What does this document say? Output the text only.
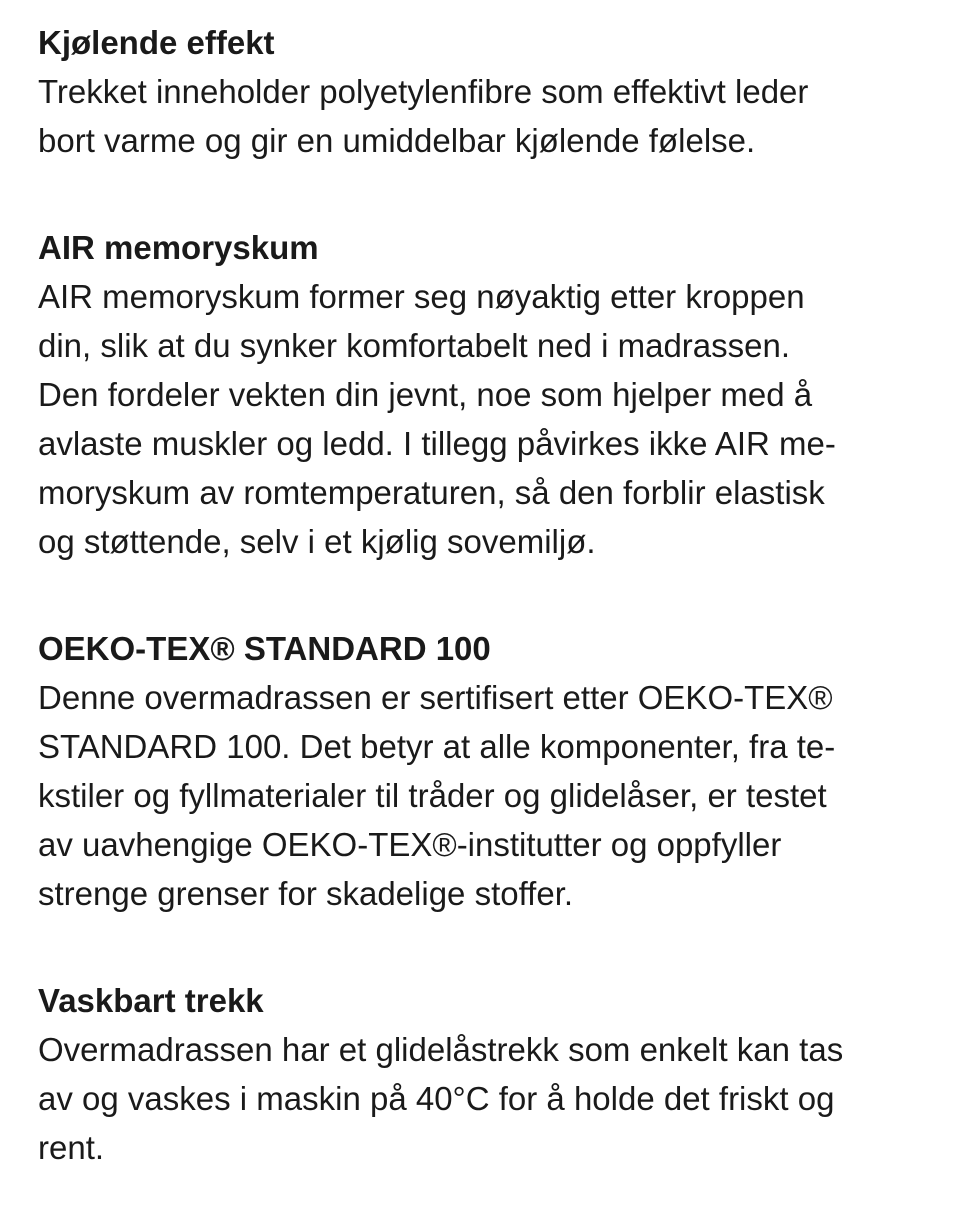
Kjølende effekt

Trekket inneholder polyetylenfibre som effektivt leder
bort varme og gir en umiddelbar kjølende følelse.

AIR memoryskum

AIR memoryskum former seg nøyaktig etter kroppen
din, slik at du synker komfortabelt ned i madrassen.
Den fordeler vekten din jevnt, noe som hjelper med å
avlaste muskler og ledd. I tillegg påvirkes ikke AIR me-
moryskum av romtemperaturen, så den forblir elastisk
og støttende, selv i et kjølig sovemiljø.

OEKO-TEX® STANDARD 100

Denne overmadrassen er sertifisert etter OEKO-TEX®
STANDARD 100. Det betyr at alle komponenter, fra te-
kstiler og fyllmaterialer til tråder og glidelåser, er testet
av uavhengige OEKO-TEX®-institutter og oppfyller
strenge grenser for skadelige stoffer.

Vaskbart trekk

Overmadrassen har et glidelåstrekk som enkelt kan tas
av og vaskes i maskin på 40°C for å holde det friskt og
rent.
